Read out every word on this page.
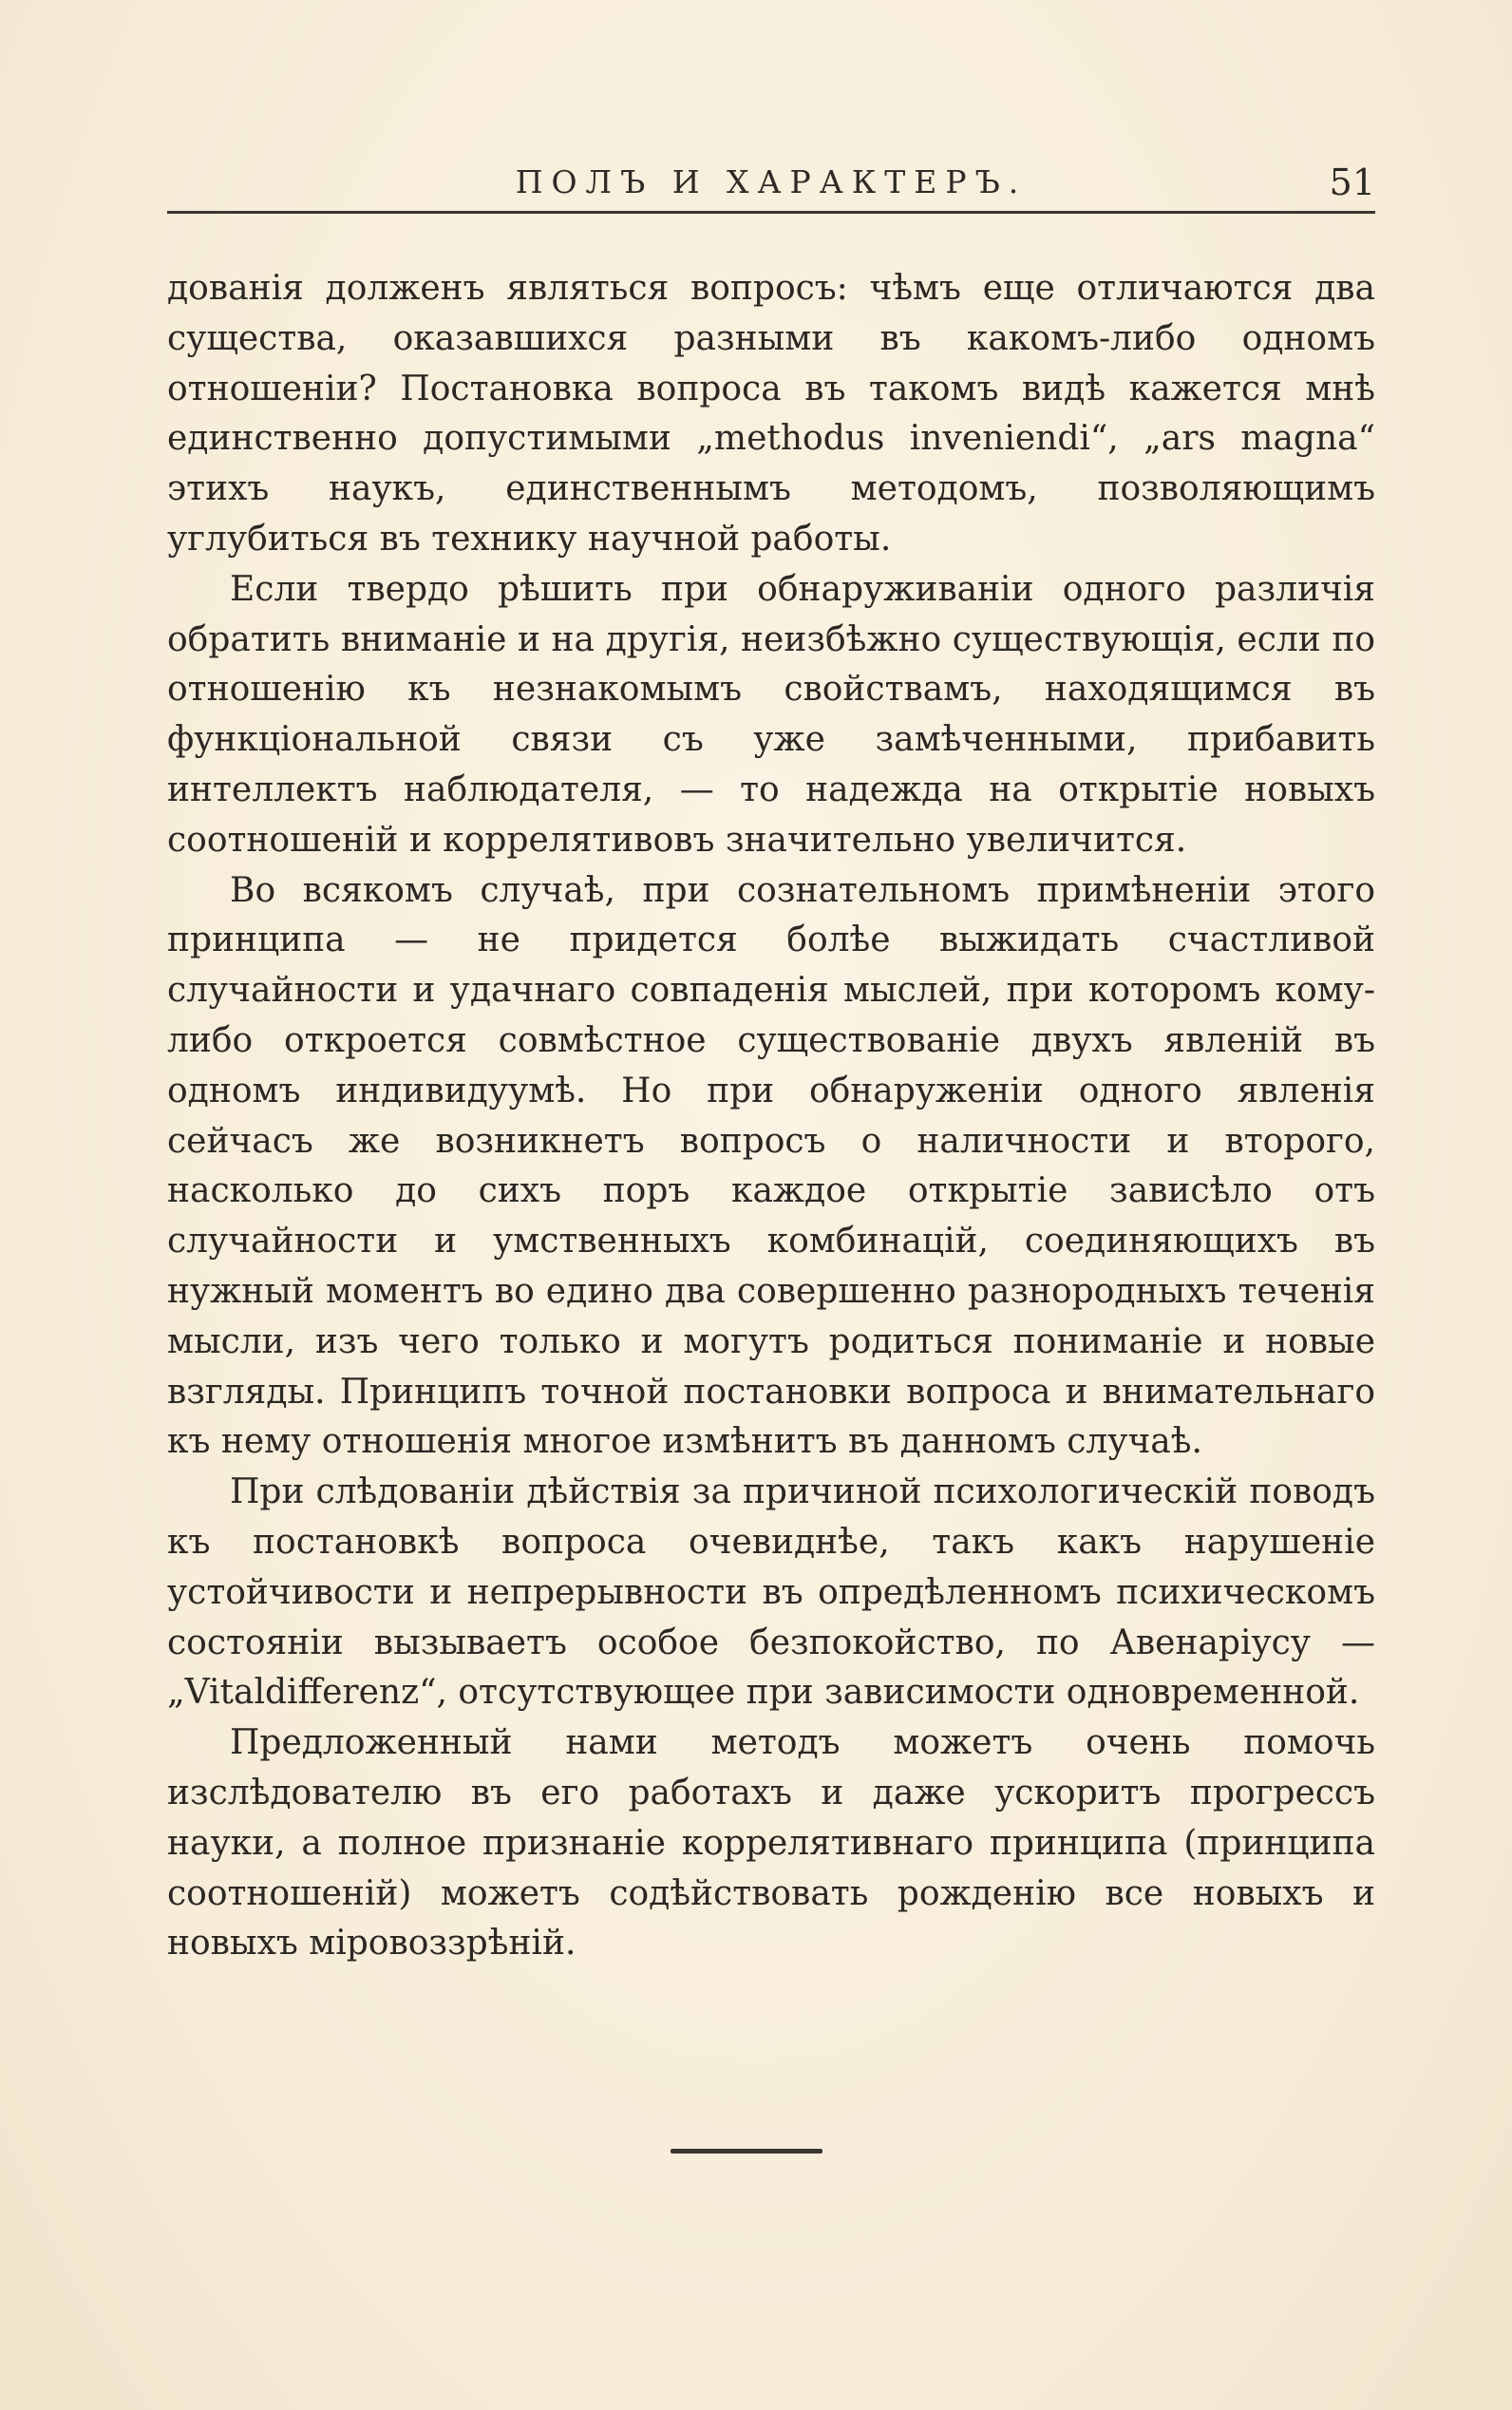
ПОЛЪ И ХАРАКТЕРЪ.	51

дованія долженъ являться вопросъ: чѣмъ еще отличаются два существа, оказавшихся разными въ какомъ-либо одномъ отношеніи? Постановка вопроса въ такомъ видѣ кажется мнѣ единственно допустимыми „methodus inveniendi“, „ars magna“ этихъ наукъ, единственнымъ методомъ, позволяющимъ углубиться въ технику научной работы.

Если твердо рѣшить при обнаруживаніи одного различія обратить вниманіе и на другія, неизбѣжно существующія, если по отношенію къ незнакомымъ свойствамъ, находящимся въ функціональной связи съ уже замѣченными, прибавить интеллектъ наблюдателя, — то надежда на открытіе новыхъ соотношеній и коррелятивовъ значительно увеличится.

Во всякомъ случаѣ, при сознательномъ примѣненіи этого принципа — не придется болѣе выжидать счастливой случайности и удачнаго совпаденія мыслей, при которомъ кому-либо откроется совмѣстное существованіе двухъ явленій въ одномъ индивидуумѣ. Но при обнаруженіи одного явленія сейчасъ же возникнетъ вопросъ о наличности и второго, насколько до сихъ поръ каждое открытіе зависѣло отъ случайности и умственныхъ комбинацій, соединяющихъ въ нужный моментъ во едино два совершенно разнородныхъ теченія мысли, изъ чего только и могутъ родиться пониманіе и новые взгляды. Принципъ точной постановки вопроса и внимательнаго къ нему отношенія многое измѣнитъ въ данномъ случаѣ.

При слѣдованіи дѣйствія за причиной психологическій поводъ къ постановкѣ вопроса очевиднѣе, такъ какъ нарушеніе устойчивости и непрерывности въ опредѣленномъ психическомъ состояніи вызываетъ особое безпокойство, по Авенаріусу — „Vitaldifferenz“, отсутствующее при зависимости одновременной.

Предложенный нами методъ можетъ очень помочь изслѣдователю въ его работахъ и даже ускоритъ прогрессъ науки, а полное признаніе коррелятивнаго принципа (принципа соотношеній) можетъ содѣйствовать рожденію все новыхъ и новыхъ міровоззрѣній.
